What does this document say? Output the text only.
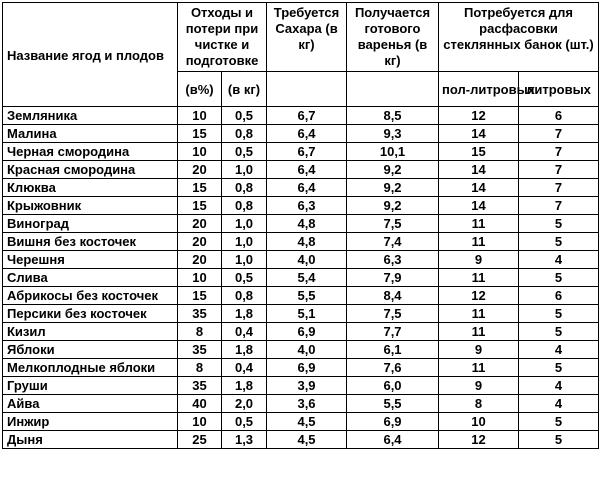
Название ягод и плодов	Отходы и потери при чистке и подготовке		Требуется Сахара (в кг)	Получается готового варенья (в кг)	Потребуется для расфасовки стеклянных банок (шт.)	
	(в%)	(в кг)			пол-литровых	литровых
Земляника	10	0,5	6,7	8,5	12	6
Малина	15	0,8	6,4	9,3	14	7
Черная смородина	10	0,5	6,7	10,1	15	7
Красная смородина	20	1,0	6,4	9,2	14	7
Клюква	15	0,8	6,4	9,2	14	7
Крыжовник	15	0,8	6,3	9,2	14	7
Виноград	20	1,0	4,8	7,5	11	5
Вишня без косточек	20	1,0	4,8	7,4	11	5
Черешня	20	1,0	4,0	6,3	9	4
Слива	10	0,5	5,4	7,9	11	5
Абрикосы без косточек	15	0,8	5,5	8,4	12	6
Персики без косточек	35	1,8	5,1	7,5	11	5
Кизил	8	0,4	6,9	7,7	11	5
Яблоки	35	1,8	4,0	6,1	9	4
Мелкоплодные яблоки	8	0,4	6,9	7,6	11	5
Груши	35	1,8	3,9	6,0	9	4
Айва	40	2,0	3,6	5,5	8	4
Инжир	10	0,5	4,5	6,9	10	5
Дыня	25	1,3	4,5	6,4	12	5
